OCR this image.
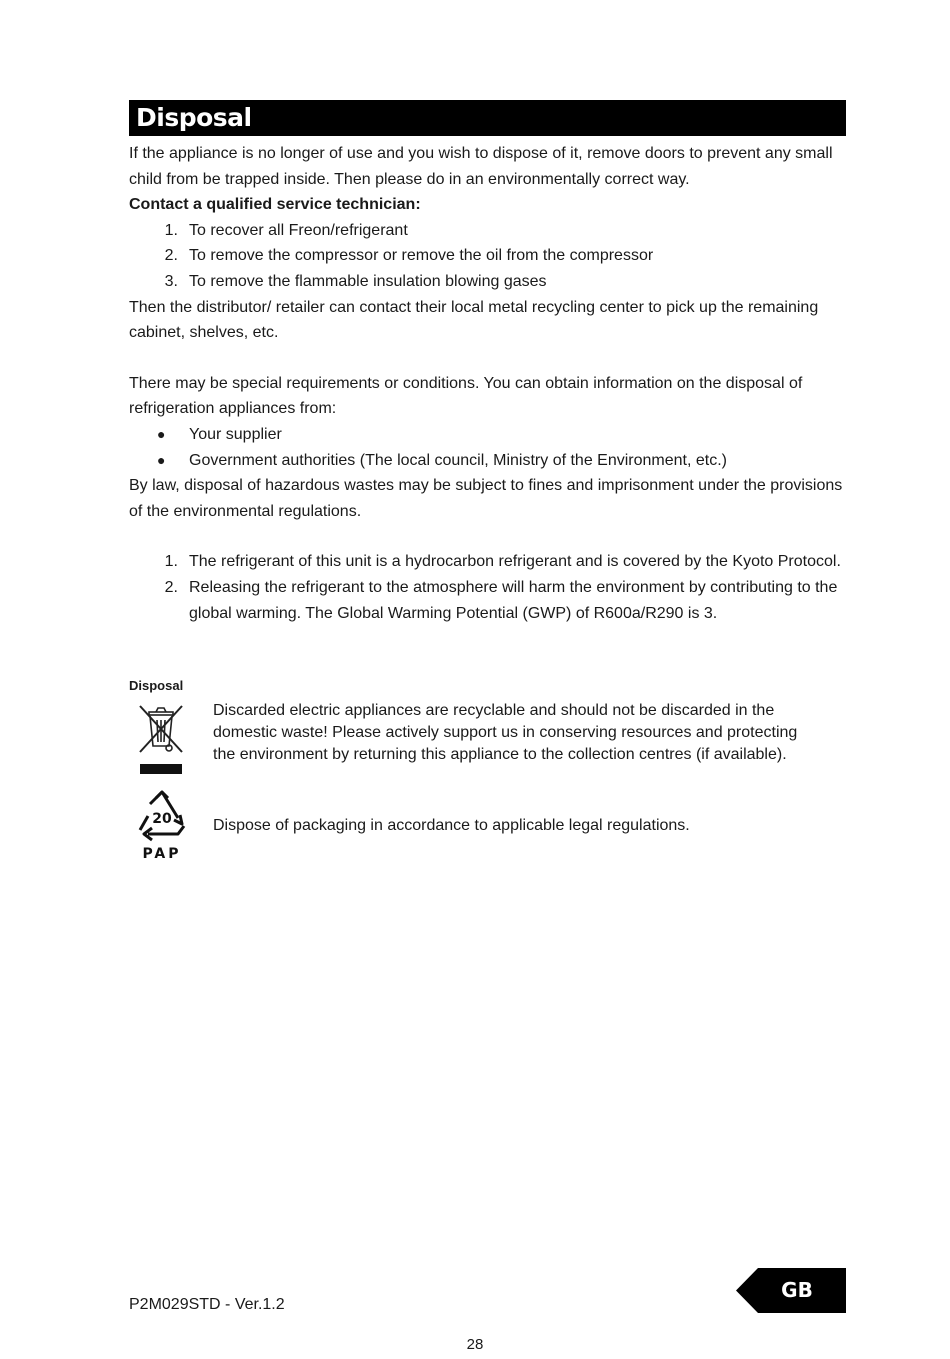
Disposal

If the appliance is no longer of use and you wish to dispose of it, remove doors to prevent any small child from be trapped inside. Then please do in an environmentally correct way.

Contact a qualified service technician:

1. To recover all Freon/refrigerant
2. To remove the compressor or remove the oil from the compressor
3. To remove the flammable insulation blowing gases

Then the distributor/ retailer can contact their local metal recycling center to pick up the remaining cabinet, shelves, etc.

There may be special requirements or conditions. You can obtain information on the disposal of refrigeration appliances from:

● Your supplier
● Government authorities (The local council, Ministry of the Environment, etc.)

By law, disposal of hazardous wastes may be subject to fines and imprisonment under the provisions of the environmental regulations.

1. The refrigerant of this unit is a hydrocarbon refrigerant and is covered by the Kyoto Protocol.
2. Releasing the refrigerant to the atmosphere will harm the environment by contributing to the global warming. The Global Warming Potential (GWP) of R600a/R290 is 3.
Disposal
Discarded electric appliances are recyclable and should not be discarded in the domestic waste! Please actively support us in conserving resources and protecting the environment by returning this appliance to the collection centres (if available).
20
PAP
Dispose of packaging in accordance to applicable legal regulations.
P2M029STD - Ver.1.2
GB
28
